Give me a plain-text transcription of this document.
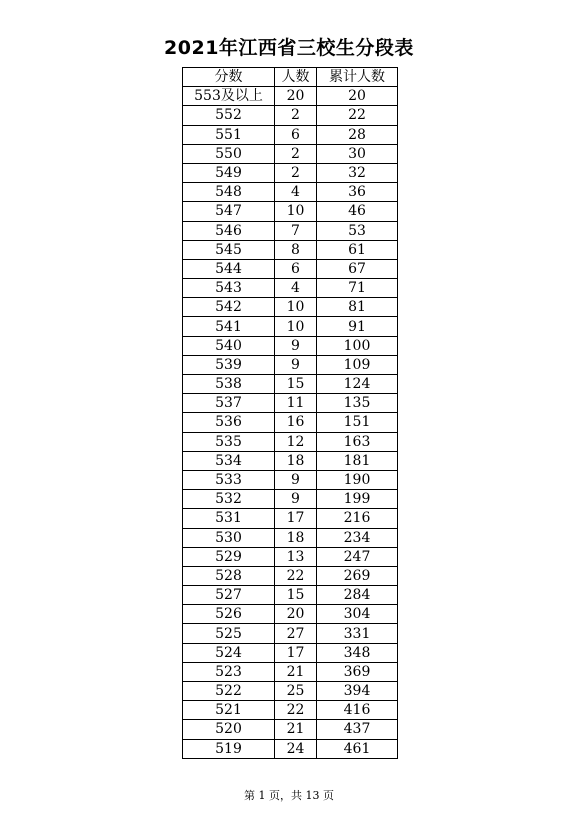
2021年江西省三校生分段表
分数	人数	累计人数
553及以上	20	20
552	2	22
551	6	28
550	2	30
549	2	32
548	4	36
547	10	46
546	7	53
545	8	61
544	6	67
543	4	71
542	10	81
541	10	91
540	9	100
539	9	109
538	15	124
537	11	135
536	16	151
535	12	163
534	18	181
533	9	190
532	9	199
531	17	216
530	18	234
529	13	247
528	22	269
527	15	284
526	20	304
525	27	331
524	17	348
523	21	369
522	25	394
521	22	416
520	21	437
519	24	461
第 1 页，共 13 页
